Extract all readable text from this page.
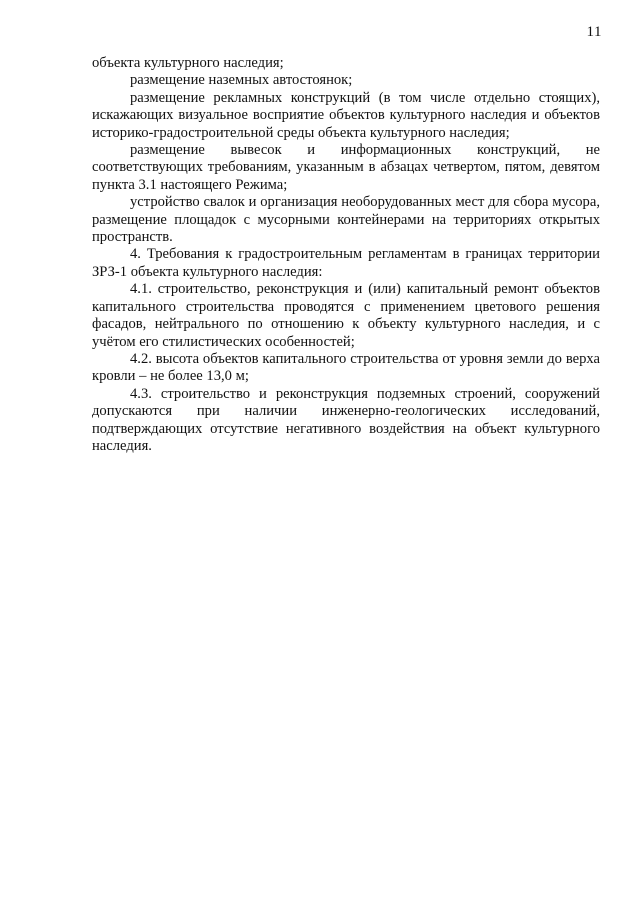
11

объекта культурного наследия;

размещение наземных автостоянок;

размещение рекламных конструкций (в том числе отдельно стоящих), искажающих визуальное восприятие объектов культурного наследия и объектов историко-градостроительной среды объекта культурного наследия;

размещение вывесок и информационных конструкций, не соответствующих требованиям, указанным в абзацах четвертом, пятом, девятом пункта 3.1 настоящего Режима;

устройство свалок и организация необорудованных мест для сбора мусора, размещение площадок с мусорными контейнерами на территориях открытых пространств.

4. Требования к градостроительным регламентам в границах территории ЗРЗ-1 объекта культурного наследия:

4.1. строительство, реконструкция и (или) капитальный ремонт объектов капитального строительства проводятся с применением цветового решения фасадов, нейтрального по отношению к объекту культурного наследия, и с учётом его стилистических особенностей;

4.2. высота объектов капитального строительства от уровня земли до верха кровли – не более 13,0 м;

4.3. строительство и реконструкция подземных строений, сооружений допускаются при наличии инженерно-геологических исследований, подтверждающих отсутствие негативного воздействия на объект культурного наследия.
